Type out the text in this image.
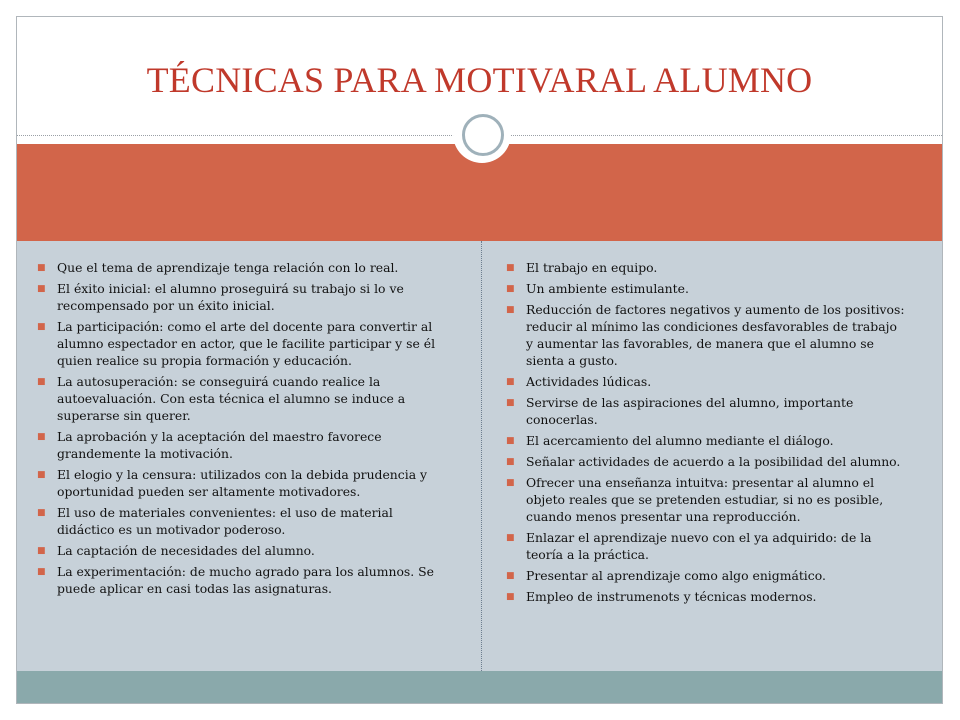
TÉCNICAS PARA MOTIVARAL ALUMNO
■ Que el tema de aprendizaje tenga relación con lo real.
■ El éxito inicial: el alumno proseguirá su trabajo si lo ve recompensado por un éxito inicial.
■ La participación: como el arte del docente para convertir al alumno espectador en actor, que le facilite participar y se él quien realice su propia formación y educación.
■ La autosuperación: se conseguirá cuando realice la autoevaluación. Con esta técnica el alumno se induce a superarse sin querer.
■ La aprobación y la aceptación del maestro favorece grandemente la motivación.
■ El elogio y la censura: utilizados con la debida prudencia y oportunidad pueden ser altamente motivadores.
■ El uso de materiales convenientes: el uso de material didáctico es un motivador poderoso.
■ La captación de necesidades del alumno.
■ La experimentación: de mucho agrado para los alumnos. Se puede aplicar en casi todas las asignaturas.
■ El trabajo en equipo.
■ Un ambiente estimulante.
■ Reducción de factores negativos y aumento de los positivos: reducir al mínimo las condiciones desfavorables de trabajo y aumentar las favorables, de manera que el alumno se sienta a gusto.
■ Actividades lúdicas.
■ Servirse de las aspiraciones del alumno, importante conocerlas.
■ El acercamiento del alumno mediante el diálogo.
■ Señalar actividades de acuerdo a la posibilidad del alumno.
■ Ofrecer una enseñanza intuitva: presentar al alumno el objeto reales que se pretenden estudiar, si no es posible, cuando menos presentar una reproducción.
■ Enlazar el aprendizaje nuevo con el ya adquirido: de la teoría a la práctica.
■ Presentar al aprendizaje como algo enigmático.
■ Empleo de instrumenots y técnicas modernos.
